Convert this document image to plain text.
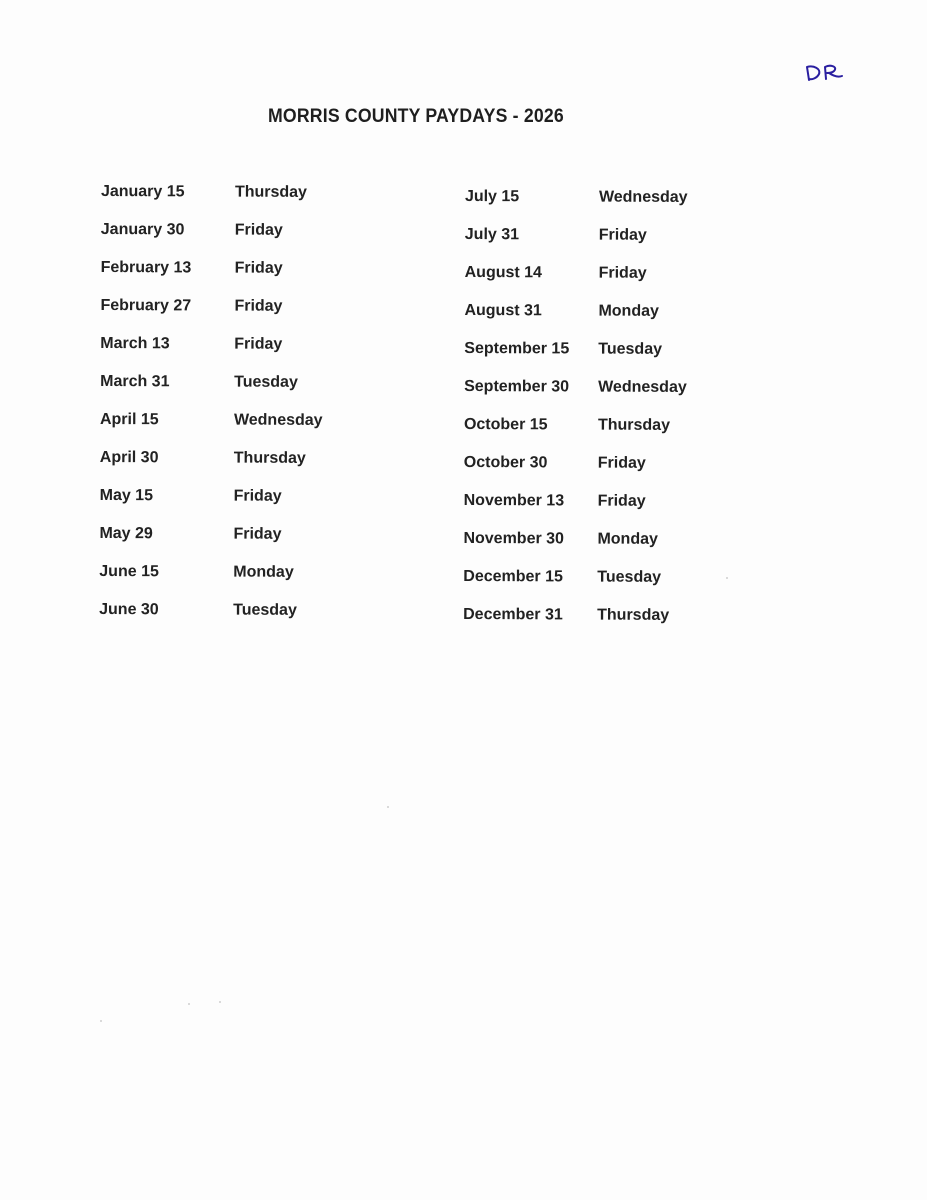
MORRIS COUNTY PAYDAYS - 2026
January 15	Thursday
January 30	Friday
February 13	Friday
February 27	Friday
March 13	Friday
March 31	Tuesday
April 15	Wednesday
April 30	Thursday
May 15	Friday
May 29	Friday
June 15	Monday
June 30	Tuesday
July 15	Wednesday
July 31	Friday
August 14	Friday
August 31	Monday
September 15	Tuesday
September 30	Wednesday
October 15	Thursday
October 30	Friday
November 13	Friday
November 30	Monday
December 15	Tuesday
December 31	Thursday
